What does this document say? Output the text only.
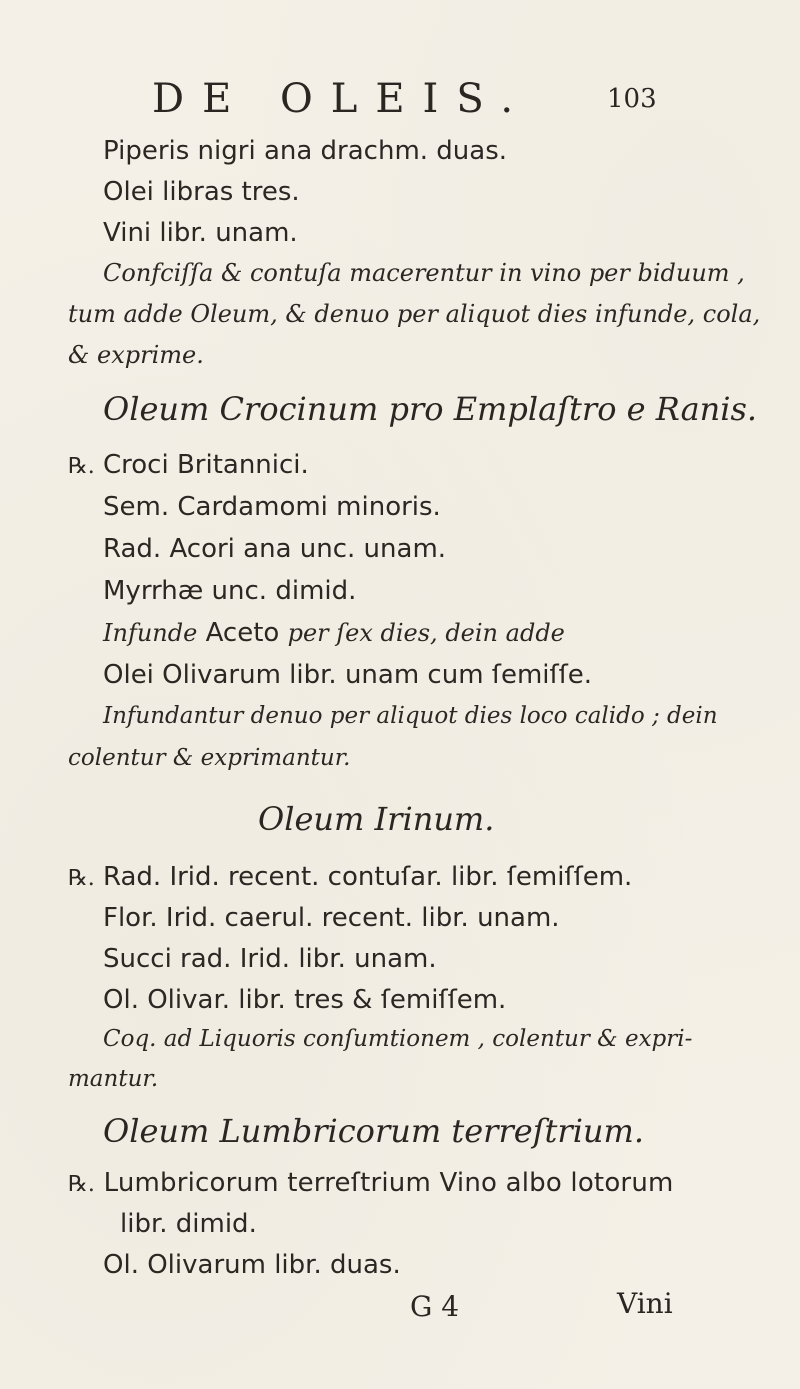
DE OLEIS.	103
Piperis nigri ana drachm. duas.
Olei libras tres.
Vini libr. unam.
Confciſſa & contuſa macerentur in vino per biduum ,
tum adde Oleum, & denuo per aliquot dies infunde, cola,
& exprime.
Oleum Crocinum pro Emplaſtro e Ranis.
℞. Croci Britannici.
Sem. Cardamomi minoris.
Rad. Acori ana unc. unam.
Myrrhæ unc. dimid.
Infunde Aceto per ſex dies, dein adde
Olei Olivarum libr. unam cum ſemiſſe.
Infundantur denuo per aliquot dies loco calido ; dein
colentur & exprimantur.
Oleum Irinum.
℞. Rad. Irid. recent. contuſar. libr. ſemiſſem.
Flor. Irid. caerul. recent. libr. unam.
Succi rad. Irid. libr. unam.
Ol. Olivar. libr. tres & ſemiſſem.
Coq. ad Liquoris conſumtionem , colentur & expri-
mantur.
Oleum Lumbricorum terreſtrium.
℞. Lumbricorum terreſtrium Vino albo lotorum
libr. dimid.
Ol. Olivarum libr. duas.
G 4	Vini
